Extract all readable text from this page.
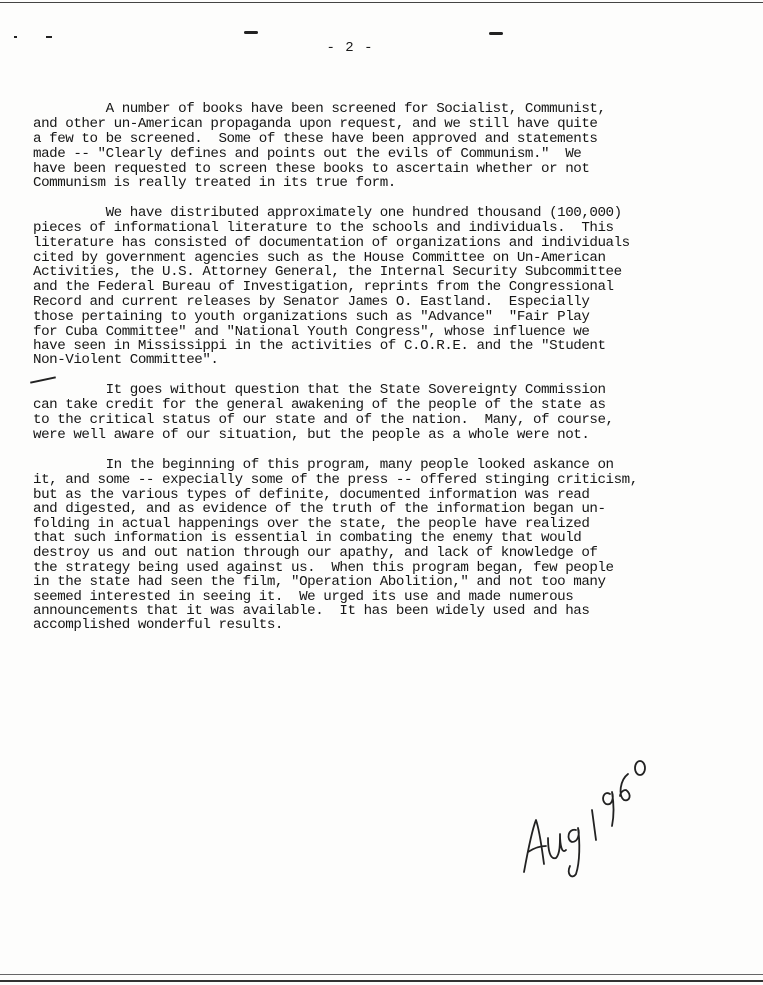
- 2 -
A number of books have been screened for Socialist, Communist,
and other un-American propaganda upon request, and we still have quite
a few to be screened.  Some of these have been approved and statements
made -- "Clearly defines and points out the evils of Communism."  We
have been requested to screen these books to ascertain whether or not
Communism is really treated in its true form.
We have distributed approximately one hundred thousand (100,000)
pieces of informational literature to the schools and individuals.  This
literature has consisted of documentation of organizations and individuals
cited by government agencies such as the House Committee on Un-American
Activities, the U.S. Attorney General, the Internal Security Subcommittee
and the Federal Bureau of Investigation, reprints from the Congressional
Record and current releases by Senator James O. Eastland.  Especially
those pertaining to youth organizations such as "Advance"  "Fair Play
for Cuba Committee" and "National Youth Congress", whose influence we
have seen in Mississippi in the activities of C.O.R.E. and the "Student
Non-Violent Committee".
It goes without question that the State Sovereignty Commission
can take credit for the general awakening of the people of the state as
to the critical status of our state and of the nation.  Many, of course,
were well aware of our situation, but the people as a whole were not.
In the beginning of this program, many people looked askance on
it, and some -- expecially some of the press -- offered stinging criticism,
but as the various types of definite, documented information was read
and digested, and as evidence of the truth of the information began un-
folding in actual happenings over the state, the people have realized
that such information is essential in combating the enemy that would
destroy us and out nation through our apathy, and lack of knowledge of
the strategy being used against us.  When this program began, few people
in the state had seen the film, "Operation Abolition," and not too many
seemed interested in seeing it.  We urged its use and made numerous
announcements that it was available.  It has been widely used and has
accomplished wonderful results.
